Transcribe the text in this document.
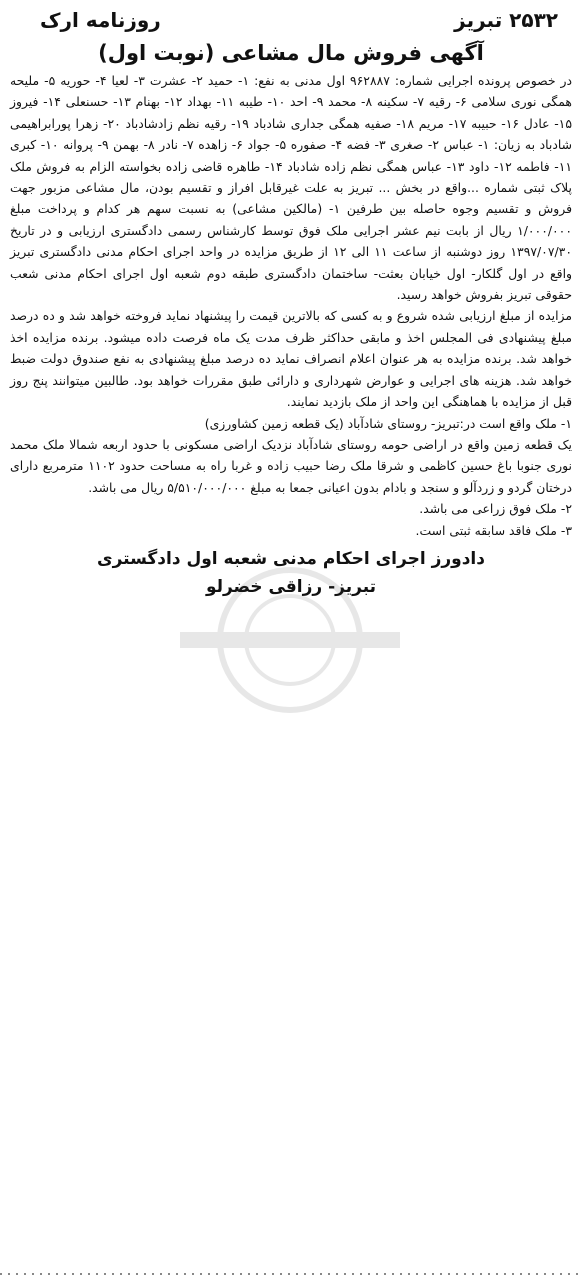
۲۵۳۲ تبریز
روزنامه ارک
آگهی فروش مال مشاعی (نوبت اول)

در خصوص پرونده اجرایی شماره: ۹۶۲۸۸۷ اول مدنی به نفع: ۱- حمید ۲- عشرت ۳- لعیا ۴- حوریه ۵- ملیحه همگی نوری سلامی ۶- رقیه ۷- سکینه ۸- محمد ۹- احد ۱۰- طیبه ۱۱- بهداد ۱۲- بهنام ۱۳- حسنعلی ۱۴- فیروز ۱۵- عادل ۱۶- حبیبه ۱۷- مریم ۱۸- صفیه همگی جداری شادباد ۱۹- رقیه نظم زادشادباد ۲۰- زهرا پورابراهیمی شادباد به زیان: ۱- عباس ۲- صغری ۳- فضه ۴- صفوره ۵- جواد ۶- زاهده ۷- نادر ۸- بهمن ۹- پروانه ۱۰- کبری ۱۱- فاطمه ۱۲- داود ۱۳- عباس همگی نظم زاده شادباد ۱۴- طاهره قاضی زاده بخواسته الزام به فروش ملک پلاک ثبتی شماره ...واقع در بخش ... تبریز به علت غیرقابل افراز و تقسیم بودن، مال مشاعی مزبور جهت فروش و تقسیم وجوه حاصله بین طرفین ۱- (مالکین مشاعی) به نسبت سهم هر کدام و پرداخت مبلغ ۱/۰۰۰/۰۰۰ ریال از بابت نیم عشر اجرایی ملک فوق توسط کارشناس رسمی دادگستری ارزیابی و در تاریخ ۱۳۹۷/۰۷/۳۰ روز دوشنبه از ساعت ۱۱ الی ۱۲ از طریق مزایده در واحد اجرای احکام مدنی دادگستری تبریز واقع در اول گلکار- اول خیابان بعثت- ساختمان دادگستری طبقه دوم شعبه اول اجرای احکام مدنی شعب حقوقی تبریز بفروش خواهد رسید.

مزایده از مبلغ ارزیابی شده شروع و به کسی که بالاترین قیمت را پیشنهاد نماید فروخته خواهد شد و ده درصد مبلغ پیشنهادی فی المجلس اخذ و مابقی حداکثر ظرف مدت یک ماه فرصت داده میشود. برنده مزایده اخذ خواهد شد. برنده مزایده به هر عنوان اعلام انصراف نماید ده درصد مبلغ پیشنهادی به نفع صندوق دولت ضبط خواهد شد. هزینه های اجرایی و عوارض شهرداری و دارائی طبق مقررات خواهد بود. طالبین میتوانند پنج روز قبل از مزایده با هماهنگی این واحد از ملک بازدید نمایند.

۱- ملک واقع است در:تبریز- روستای شادآباد (یک قطعه زمین کشاورزی)

یک قطعه زمین واقع در اراضی حومه روستای شادآباد نزدیک اراضی مسکونی با حدود اربعه شمالا ملک محمد نوری جنوبا باغ حسین کاظمی و شرقا ملک رضا حبیب زاده و غربا راه به مساحت حدود ۱۱۰۲ مترمربع دارای درختان گردو و زردآلو و سنجد و بادام بدون اعیانی جمعا به مبلغ ۵/۵۱۰/۰۰۰/۰۰۰ ریال می باشد.

۲- ملک فوق زراعی می باشد.

۳- ملک فاقد سابقه ثبتی است.

دادورز اجرای احکام مدنی شعبه اول دادگستری
تبریز- رزاقی خضرلو
